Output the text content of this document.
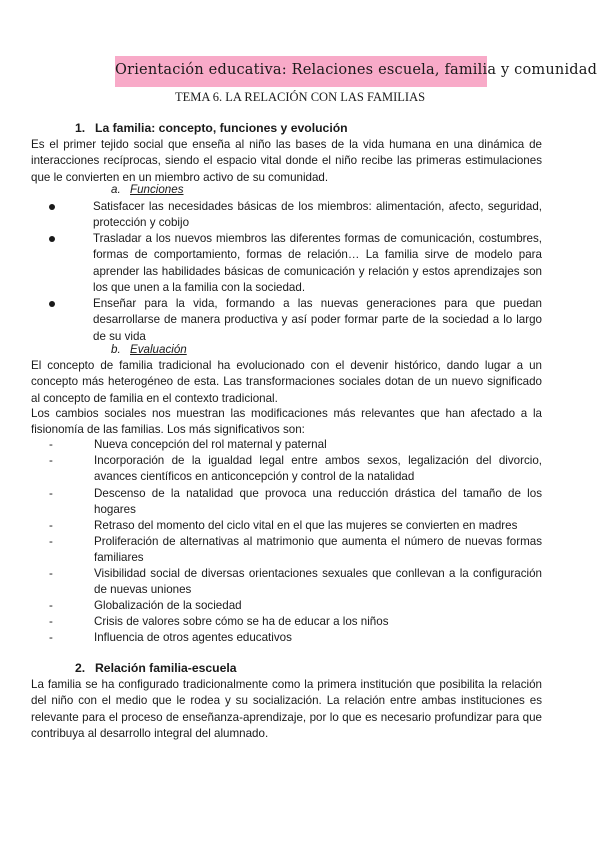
Orientación educativa: Relaciones escuela, familia y comunidad
TEMA 6. LA RELACIÓN CON LAS FAMILIAS
1. La familia: concepto, funciones y evolución
Es el primer tejido social que enseña al niño las bases de la vida humana en una dinámica de interacciones recíprocas, siendo el espacio vital donde el niño recibe las primeras estimulaciones que le convierten en un miembro activo de su comunidad.
a. Funciones
Satisfacer las necesidades básicas de los miembros: alimentación, afecto, seguridad, protección y cobijo
Trasladar a los nuevos miembros las diferentes formas de comunicación, costumbres, formas de comportamiento, formas de relación… La familia sirve de modelo para aprender las habilidades básicas de comunicación y relación y estos aprendizajes son los que unen a la familia con la sociedad.
Enseñar para la vida, formando a las nuevas generaciones para que puedan desarrollarse de manera productiva y así poder formar parte de la sociedad a lo largo de su vida
b. Evaluación
El concepto de familia tradicional ha evolucionado con el devenir histórico, dando lugar a un concepto más heterogéneo de esta. Las transformaciones sociales dotan de un nuevo significado al concepto de familia en el contexto tradicional.
Los cambios sociales nos muestran las modificaciones más relevantes que han afectado a la fisionomía de las familias. Los más significativos son:
-	Nueva concepción del rol maternal y paternal
-	Incorporación de la igualdad legal entre ambos sexos, legalización del divorcio, avances científicos en anticoncepción y control de la natalidad
-	Descenso de la natalidad que provoca una reducción drástica del tamaño de los hogares
-	Retraso del momento del ciclo vital en el que las mujeres se convierten en madres
-	Proliferación de alternativas al matrimonio que aumenta el número de nuevas formas familiares
-	Visibilidad social de diversas orientaciones sexuales que conllevan a la configuración de nuevas uniones
-	Globalización de la sociedad
-	Crisis de valores sobre cómo se ha de educar a los niños
-	Influencia de otros agentes educativos
2. Relación familia-escuela
La familia se ha configurado tradicionalmente como la primera institución que posibilita la relación del niño con el medio que le rodea y su socialización. La relación entre ambas instituciones es relevante para el proceso de enseñanza-aprendizaje, por lo que es necesario profundizar para que contribuya al desarrollo integral del alumnado.
